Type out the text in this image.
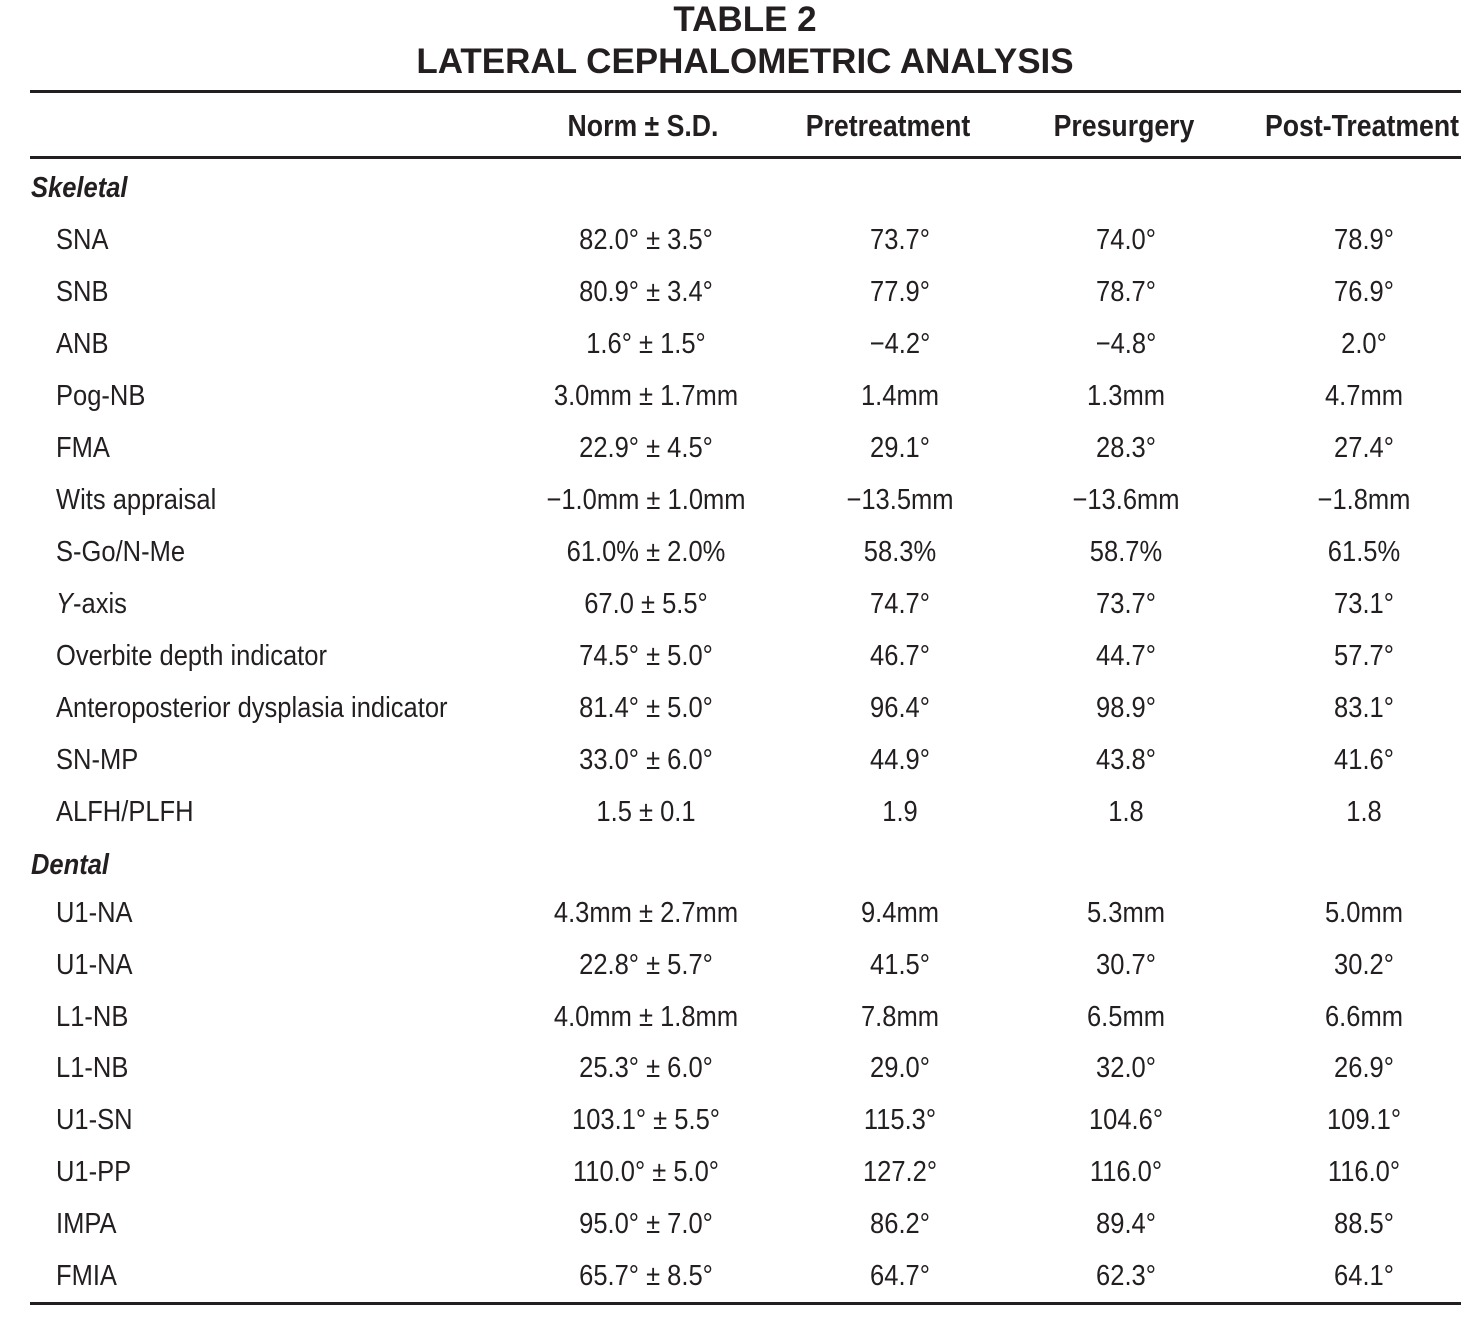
TABLE 2
LATERAL CEPHALOMETRIC ANALYSIS
Norm ± S.D.	Pretreatment	Presurgery	Post-Treatment
Skeletal
SNA	82.0° ± 3.5°	73.7°	74.0°	78.9°
SNB	80.9° ± 3.4°	77.9°	78.7°	76.9°
ANB	1.6° ± 1.5°	−4.2°	−4.8°	2.0°
Pog-NB	3.0mm ± 1.7mm	1.4mm	1.3mm	4.7mm
FMA	22.9° ± 4.5°	29.1°	28.3°	27.4°
Wits appraisal	−1.0mm ± 1.0mm	−13.5mm	−13.6mm	−1.8mm
S-Go/N-Me	61.0% ± 2.0%	58.3%	58.7%	61.5%
Y-axis	67.0 ± 5.5°	74.7°	73.7°	73.1°
Overbite depth indicator	74.5° ± 5.0°	46.7°	44.7°	57.7°
Anteroposterior dysplasia indicator	81.4° ± 5.0°	96.4°	98.9°	83.1°
SN-MP	33.0° ± 6.0°	44.9°	43.8°	41.6°
ALFH/PLFH	1.5 ± 0.1	1.9	1.8	1.8
Dental
U1-NA	4.3mm ± 2.7mm	9.4mm	5.3mm	5.0mm
U1-NA	22.8° ± 5.7°	41.5°	30.7°	30.2°
L1-NB	4.0mm ± 1.8mm	7.8mm	6.5mm	6.6mm
L1-NB	25.3° ± 6.0°	29.0°	32.0°	26.9°
U1-SN	103.1° ± 5.5°	115.3°	104.6°	109.1°
U1-PP	110.0° ± 5.0°	127.2°	116.0°	116.0°
IMPA	95.0° ± 7.0°	86.2°	89.4°	88.5°
FMIA	65.7° ± 8.5°	64.7°	62.3°	64.1°
